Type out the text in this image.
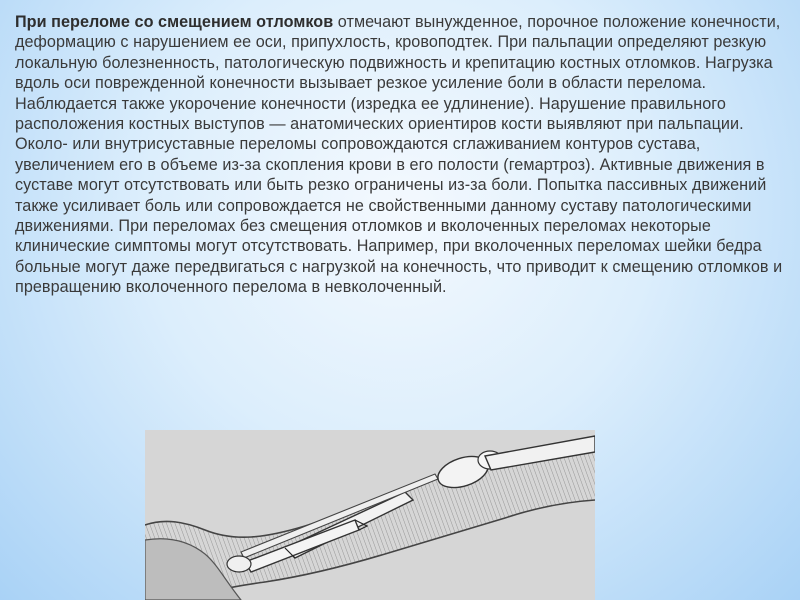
При переломе со смещением отломков отмечают вынужденное, порочное положение конечности, деформацию с нарушением ее оси, припухлость, кровоподтек. При пальпации определяют резкую локальную болезненность, патологическую подвижность и крепитацию костных отломков. Нагрузка вдоль оси поврежденной конечности вызывает резкое усиление боли в области перелома. Наблюдается также укорочение конечности (изредка ее удлинение). Нарушение правильного расположения костных выступов — анатомических ориентиров кости выявляют при пальпации. Около- или внутрисуставные переломы сопровождаются сглаживанием контуров сустава, увеличением его в объеме из-за скопления крови в его полости (гемартроз). Активные движения в суставе могут отсутствовать или быть резко ограничены из-за боли. Попытка пассивных движений также усиливает боль или сопровождается не свойственными данному суставу патологическими движениями. При переломах без смещения отломков и вколоченных переломах некоторые клинические симптомы могут отсутствовать. Например, при вколоченных переломах шейки бедра больные могут даже передвигаться с нагрузкой на конечность, что приводит к смещению отломков и превращению вколоченного перелома в невколоченный.
